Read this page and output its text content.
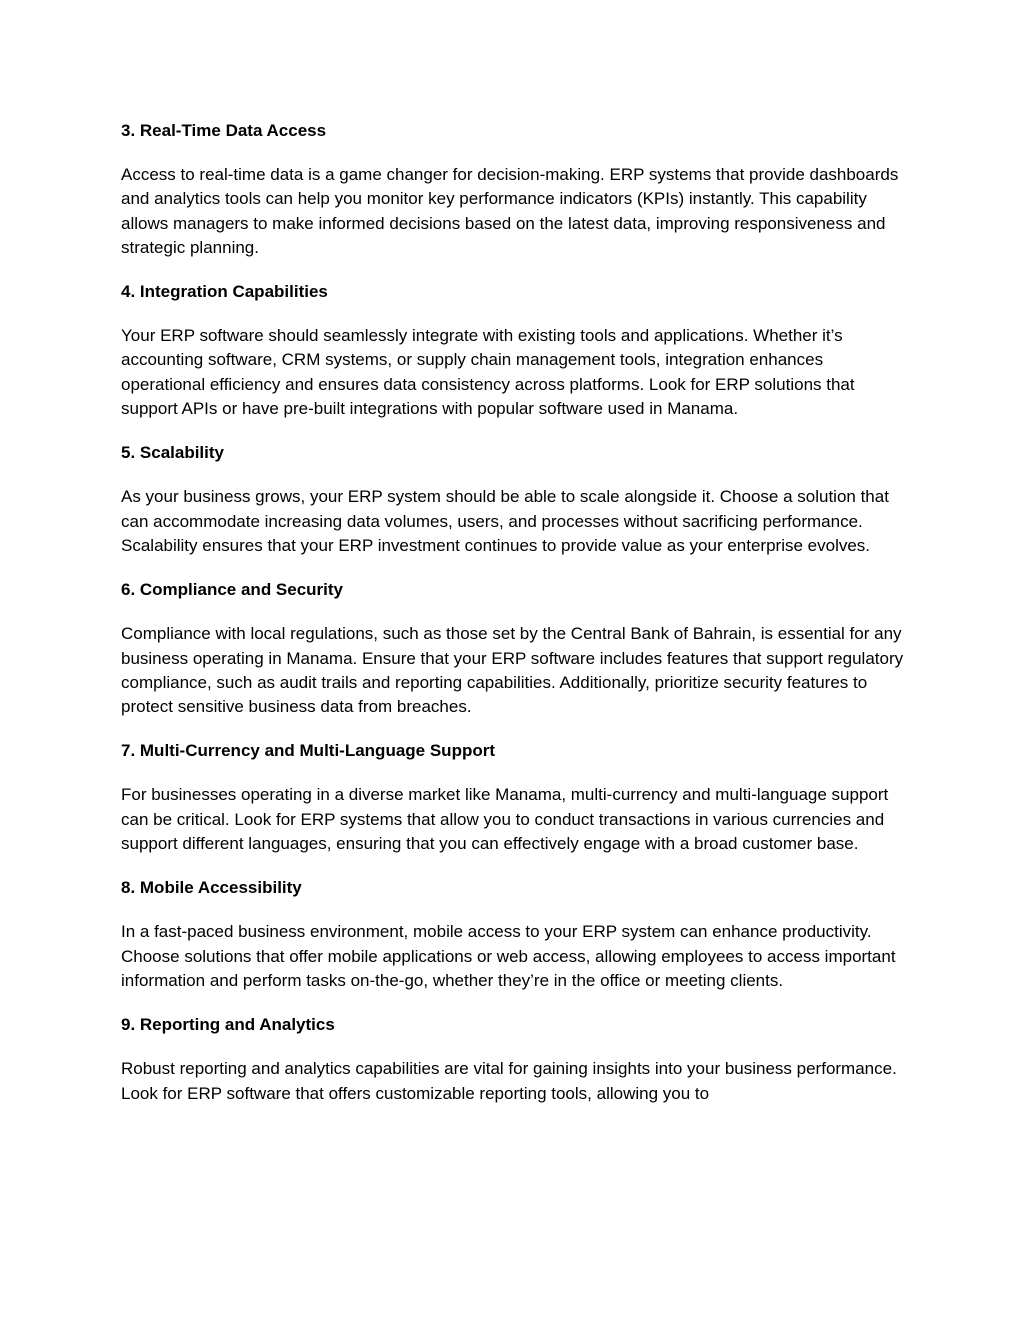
3. Real-Time Data Access

Access to real-time data is a game changer for decision-making. ERP systems that provide dashboards and analytics tools can help you monitor key performance indicators (KPIs) instantly. This capability allows managers to make informed decisions based on the latest data, improving responsiveness and strategic planning.

4. Integration Capabilities

Your ERP software should seamlessly integrate with existing tools and applications. Whether it’s accounting software, CRM systems, or supply chain management tools, integration enhances operational efficiency and ensures data consistency across platforms. Look for ERP solutions that support APIs or have pre-built integrations with popular software used in Manama.

5. Scalability

As your business grows, your ERP system should be able to scale alongside it. Choose a solution that can accommodate increasing data volumes, users, and processes without sacrificing performance. Scalability ensures that your ERP investment continues to provide value as your enterprise evolves.

6. Compliance and Security

Compliance with local regulations, such as those set by the Central Bank of Bahrain, is essential for any business operating in Manama. Ensure that your ERP software includes features that support regulatory compliance, such as audit trails and reporting capabilities. Additionally, prioritize security features to protect sensitive business data from breaches.

7. Multi-Currency and Multi-Language Support

For businesses operating in a diverse market like Manama, multi-currency and multi-language support can be critical. Look for ERP systems that allow you to conduct transactions in various currencies and support different languages, ensuring that you can effectively engage with a broad customer base.

8. Mobile Accessibility

In a fast-paced business environment, mobile access to your ERP system can enhance productivity. Choose solutions that offer mobile applications or web access, allowing employees to access important information and perform tasks on-the-go, whether they’re in the office or meeting clients.

9. Reporting and Analytics

Robust reporting and analytics capabilities are vital for gaining insights into your business performance. Look for ERP software that offers customizable reporting tools, allowing you to
